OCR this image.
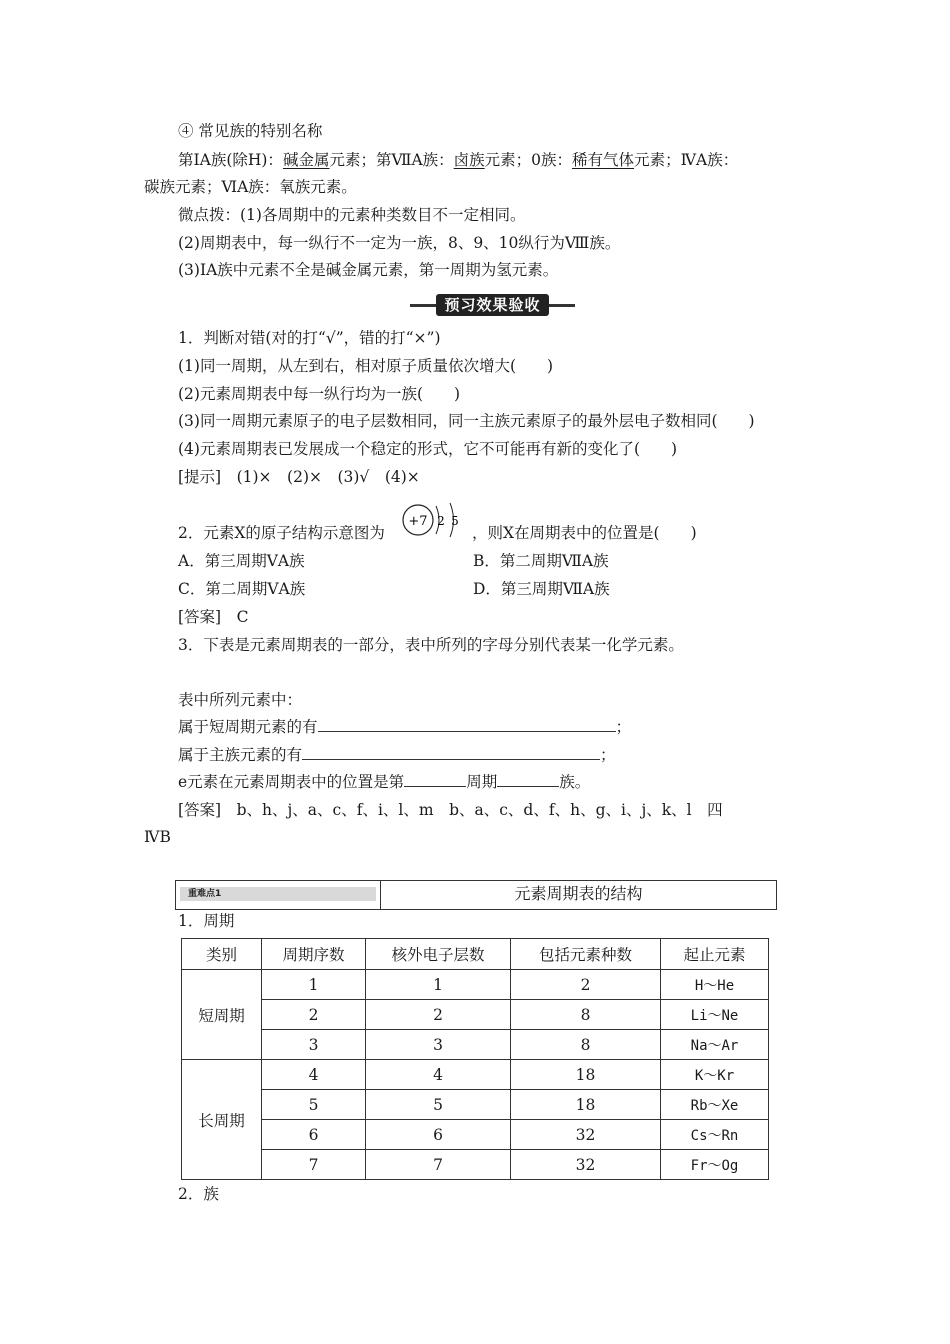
④ 常见族的特别名称
第ⅠA族(除H)：碱金属元素；第ⅦA族：卤族元素；0族：稀有气体元素；ⅣA族：
碳族元素；ⅥA族：氧族元素。
微点拨：(1)各周期中的元素种类数目不一定相同。
(2)周期表中，每一纵行不一定为一族，8、9、10纵行为Ⅷ族。
(3)ⅠA族中元素不全是碱金属元素，第一周期为氢元素。
预习效果验收
1．判断对错(对的打“√”，错的打“×”)
(1)同一周期，从左到右，相对原子质量依次增大(　　)
(2)元素周期表中每一纵行均为一族(　　)
(3)同一周期元素原子的电子层数相同，同一主族元素原子的最外层电子数相同(　　)
(4)元素周期表已发展成一个稳定的形式，它不可能再有新的变化了(　　)
[提示]　(1)×　(2)×　(3)√　(4)×
2．元素X的原子结构示意图为
+7 2 5
，则X在周期表中的位置是(　　)
A．第三周期ⅤA族	B．第二周期ⅦA族
C．第二周期ⅤA族	D．第三周期ⅦA族
[答案]　C
3．下表是元素周期表的一部分，表中所列的字母分别代表某一化学元素。
表中所列元素中：
属于短周期元素的有	；
属于主族元素的有	；
e元素在元素周期表中的位置是第	周期	族。
[答案]　b、h、j、a、c、f、i、l、m　b、a、c、d、f、h、g、i、j、k、l　四
ⅣB
重难点1	元素周期表的结构
1．周期
类别	周期序数	核外电子层数	包括元素种数	起止元素
短周期	1	1	2	H～He
	2	2	8	Li～Ne
	3	3	8	Na～Ar
长周期	4	4	18	K～Kr
	5	5	18	Rb～Xe
	6	6	32	Cs～Rn
	7	7	32	Fr～Og
2．族
